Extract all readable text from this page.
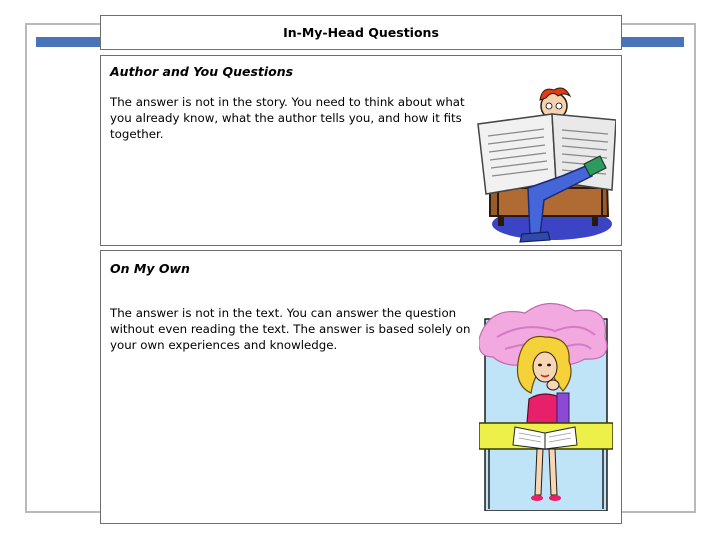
In-My-Head Questions
Author and You Questions
The answer is not in the story. You need to think about what
you already know, what the author tells you, and how it fits
together.
On My Own
The answer is not in the text. You can answer the question
without even reading the text. The answer is based solely on
your own experiences and knowledge.
